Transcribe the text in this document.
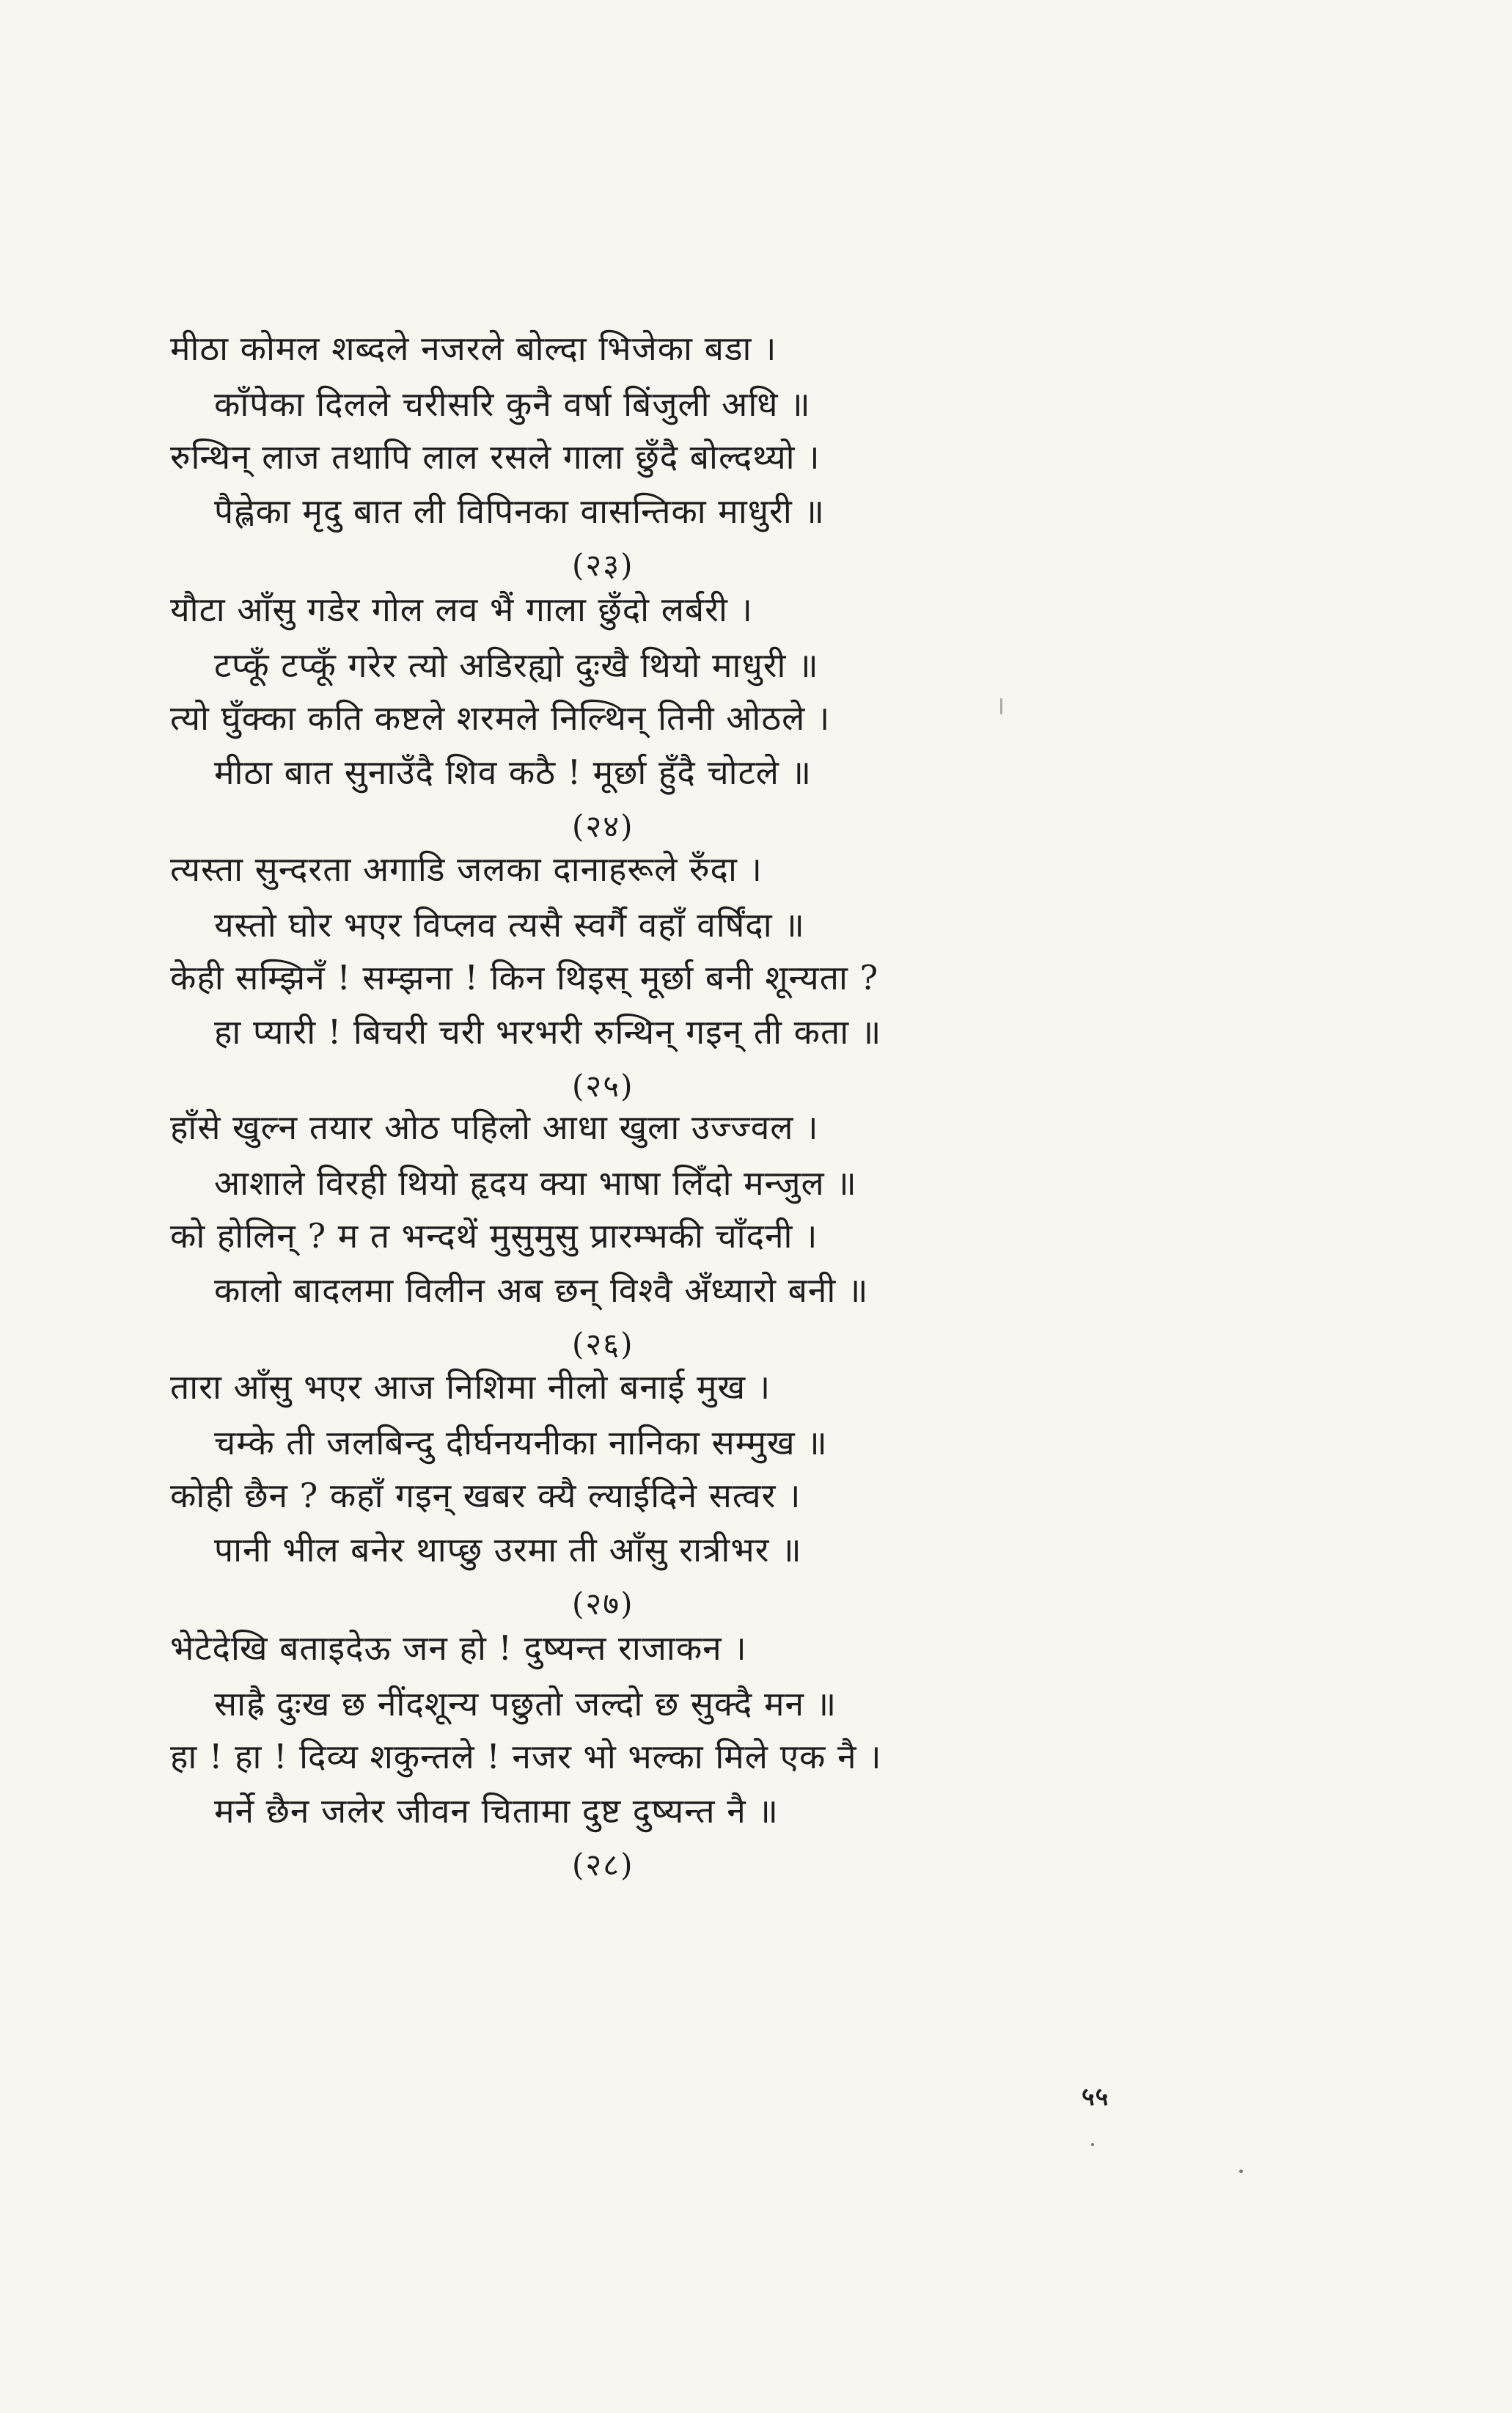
मीठा कोमल शब्दले नजरले बोल्दा भिजेका बडा ।
काँपेका दिलले चरीसरि कुनै वर्षा बिंजुली अधि ॥
रुन्थिन् लाज तथापि लाल रसले गाला छुँदै बोल्दथ्यो ।
पैह्लेका मृदु बात ली विपिनका वासन्तिका माधुरी ॥
(२३)
यौटा आँसु गडेर गोल लव भैं गाला छुँदो लर्बरी ।
टप्कूँ टप्कूँ गरेर त्यो अडिरह्यो दुःखै थियो माधुरी ॥
त्यो घुँक्का कति कष्टले शरमले निल्थिन् तिनी ओठले ।
मीठा बात सुनाउँदै शिव कठै ! मूर्छा हुँदै चोटले ॥
(२४)
त्यस्ता सुन्दरता अगाडि जलका दानाहरूले रुँदा ।
यस्तो घोर भएर विप्लव त्यसै स्वर्गै वहाँ वर्षिंदा ॥
केही सम्झिनँ ! सम्झना ! किन थिइस् मूर्छा बनी शून्यता ?
हा प्यारी ! बिचरी चरी भरभरी रुन्थिन् गइन् ती कता ॥
(२५)
हाँसे खुल्न तयार ओठ पहिलो आधा खुला उज्ज्वल ।
आशाले विरही थियो हृदय क्या भाषा लिँदो मन्जुल ॥
को होलिन् ? म त भन्दथें मुसुमुसु प्रारम्भकी चाँदनी ।
कालो बादलमा विलीन अब छन् विश्वै अँध्यारो बनी ॥
(२६)
तारा आँसु भएर आज निशिमा नीलो बनाई मुख ।
चम्के ती जलबिन्दु दीर्घनयनीका नानिका सम्मुख ॥
कोही छैन ? कहाँ गइन् खबर क्यै ल्याईदिने सत्वर ।
पानी भील बनेर थाप्छु उरमा ती आँसु रात्रीभर ॥
(२७)
भेटेदेखि बताइदेऊ जन हो ! दुष्यन्त राजाकन ।
साह्रै दुःख छ नींदशून्य पछुतो जल्दो छ सुक्दै मन ॥
हा ! हा ! दिव्य शकुन्तले ! नजर भो भल्का मिले एक नै ।
मर्ने छैन जलेर जीवन चितामा दुष्ट दुष्यन्त नै ॥
(२८)
५५
